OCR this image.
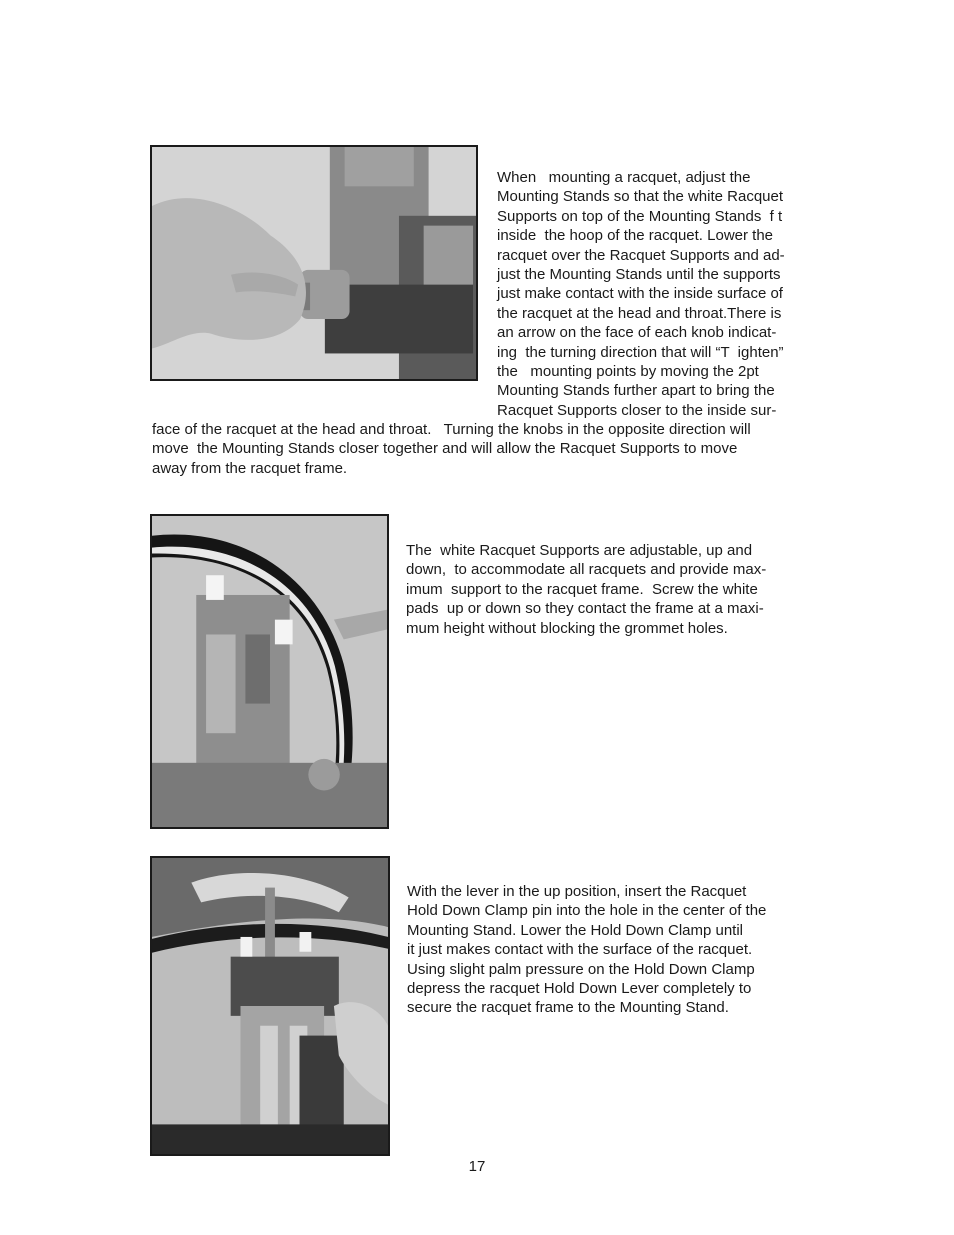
When   mounting a racquet, adjust the
Mounting Stands so that the white Racquet
Supports on top of the Mounting Stands  f t
inside  the hoop of the racquet. Lower the
racquet over the Racquet Supports and ad-
just the Mounting Stands until the supports
just make contact with the inside surface of
the racquet at the head and throat.There is
an arrow on the face of each knob indicat-
ing  the turning direction that will “T  ighten”
the   mounting points by moving the 2pt
Mounting Stands further apart to bring the
Racquet Supports closer to the inside sur-
face of the racquet at the head and throat.   Turning the knobs in the opposite direction will
move  the Mounting Stands closer together and will allow the Racquet Supports to move
away from the racquet frame.
The  white Racquet Supports are adjustable, up and
down,  to accommodate all racquets and provide max-
imum  support to the racquet frame.  Screw the white
pads  up or down so they contact the frame at a maxi-
mum height without blocking the grommet holes.
With the lever in the up position, insert the Racquet
Hold Down Clamp pin into the hole in the center of the
Mounting Stand. Lower the Hold Down Clamp until
it just makes contact with the surface of the racquet.
Using slight palm pressure on the Hold Down Clamp
depress the racquet Hold Down Lever completely to
secure the racquet frame to the Mounting Stand.
17
